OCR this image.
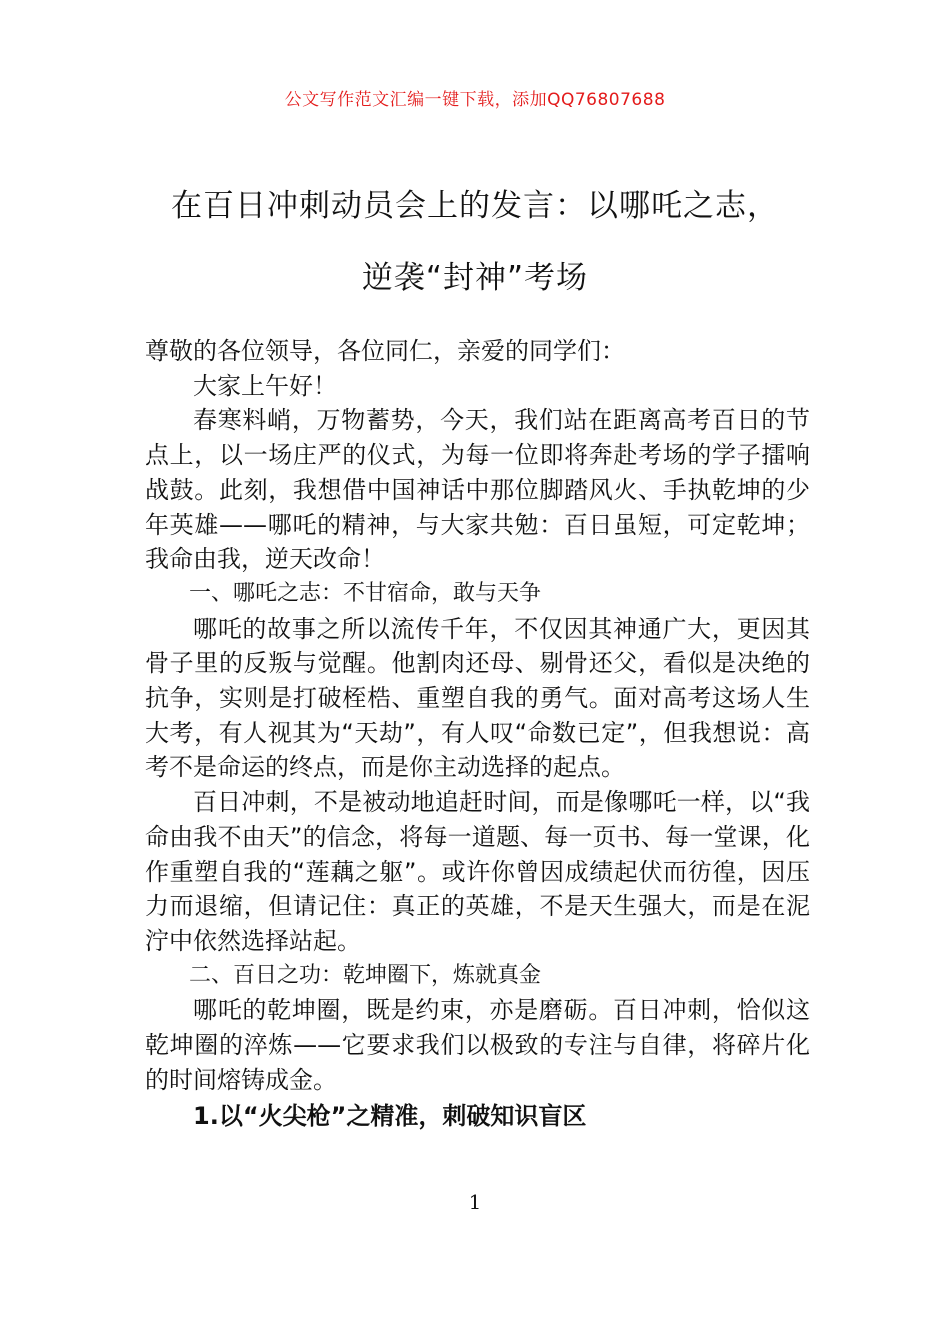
公文写作范文汇编一键下载，添加QQ76807688
在百日冲刺动员会上的发言：以哪吒之志，
逆袭“封神”考场

尊敬的各位领导，各位同仁，亲爱的同学们：

大家上午好！

春寒料峭，万物蓄势，今天，我们站在距离高考百日的节点上，以一场庄严的仪式，为每一位即将奔赴考场的学子擂响战鼓。此刻，我想借中国神话中那位脚踏风火、手执乾坤的少年英雄——哪吒的精神，与大家共勉：百日虽短，可定乾坤；我命由我，逆天改命！

一、哪吒之志：不甘宿命，敢与天争

哪吒的故事之所以流传千年，不仅因其神通广大，更因其骨子里的反叛与觉醒。他割肉还母、剔骨还父，看似是决绝的抗争，实则是打破桎梏、重塑自我的勇气。面对高考这场人生大考，有人视其为“天劫”，有人叹“命数已定”，但我想说：高考不是命运的终点，而是你主动选择的起点。

百日冲刺，不是被动地追赶时间，而是像哪吒一样，以“我命由我不由天”的信念，将每一道题、每一页书、每一堂课，化作重塑自我的“莲藕之躯”。或许你曾因成绩起伏而彷徨，因压力而退缩，但请记住：真正的英雄，不是天生强大，而是在泥泞中依然选择站起。

二、百日之功：乾坤圈下，炼就真金

哪吒的乾坤圈，既是约束，亦是磨砺。百日冲刺，恰似这乾坤圈的淬炼——它要求我们以极致的专注与自律，将碎片化的时间熔铸成金。

1.以“火尖枪”之精准，刺破知识盲区

1
